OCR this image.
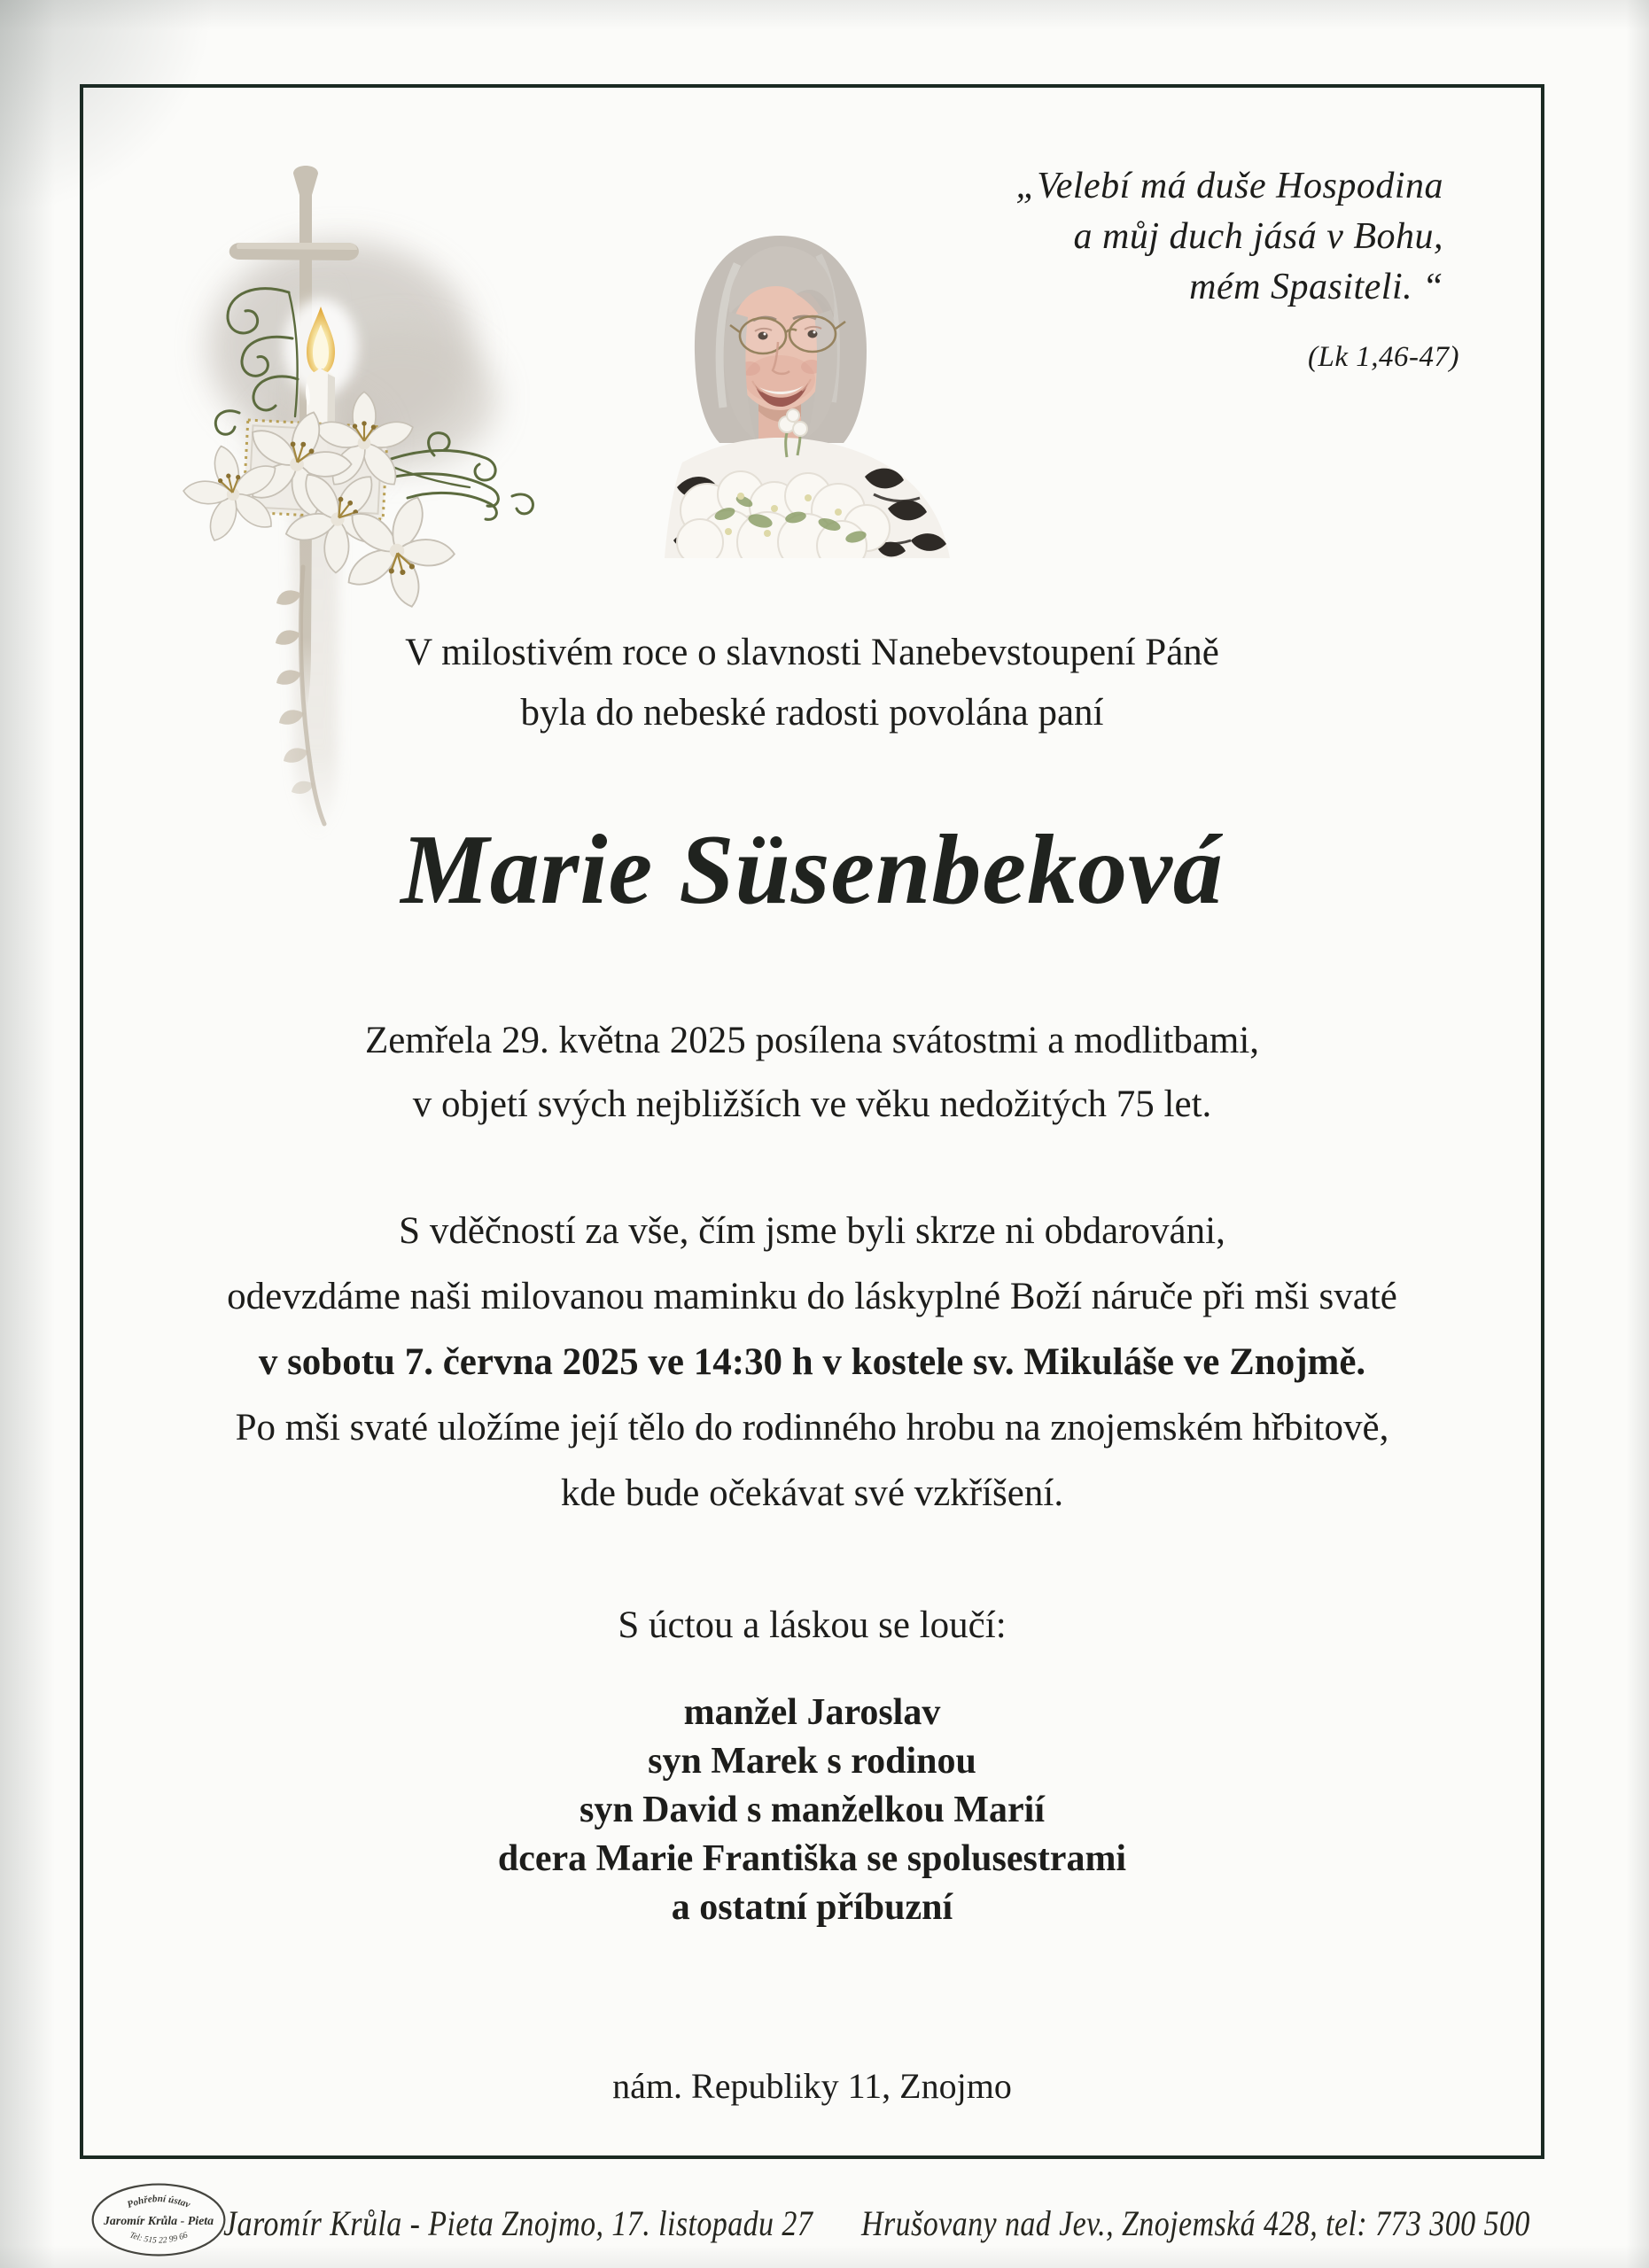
„Velebí má duše Hospodina
a můj duch jásá v Bohu,
mém Spasiteli. “
(Lk 1,46-47)
V milostivém roce o slavnosti Nanebevstoupení Páně
byla do nebeské radosti povolána paní
Marie Süsenbeková
Zemřela 29. května 2025 posílena svátostmi a modlitbami,
v objetí svých nejbližších ve věku nedožitých 75 let.
S vděčností za vše, čím jsme byli skrze ni obdarováni,
odevzdáme naši milovanou maminku do láskyplné Boží náruče při mši svaté
v sobotu 7. června 2025 ve 14:30 h v kostele sv. Mikuláše ve Znojmě.
Po mši svaté uložíme její tělo do rodinného hrobu na znojemském hřbitově,
kde bude očekávat své vzkříšení.
S úctou a láskou se loučí:
manžel Jaroslav
syn Marek s rodinou
syn David s manželkou Marií
dcera Marie Františka se spolusestrami
a ostatní příbuzní
nám. Republiky 11, Znojmo
Pohřební ústav
Jaromír Krůla - Pieta
Tel: 515 22 99 66 Jaromír Krůla - Pieta Znojmo, 17. listopadu 27 Hrušovany nad Jev., Znojemská 428, tel: 773 300 500
